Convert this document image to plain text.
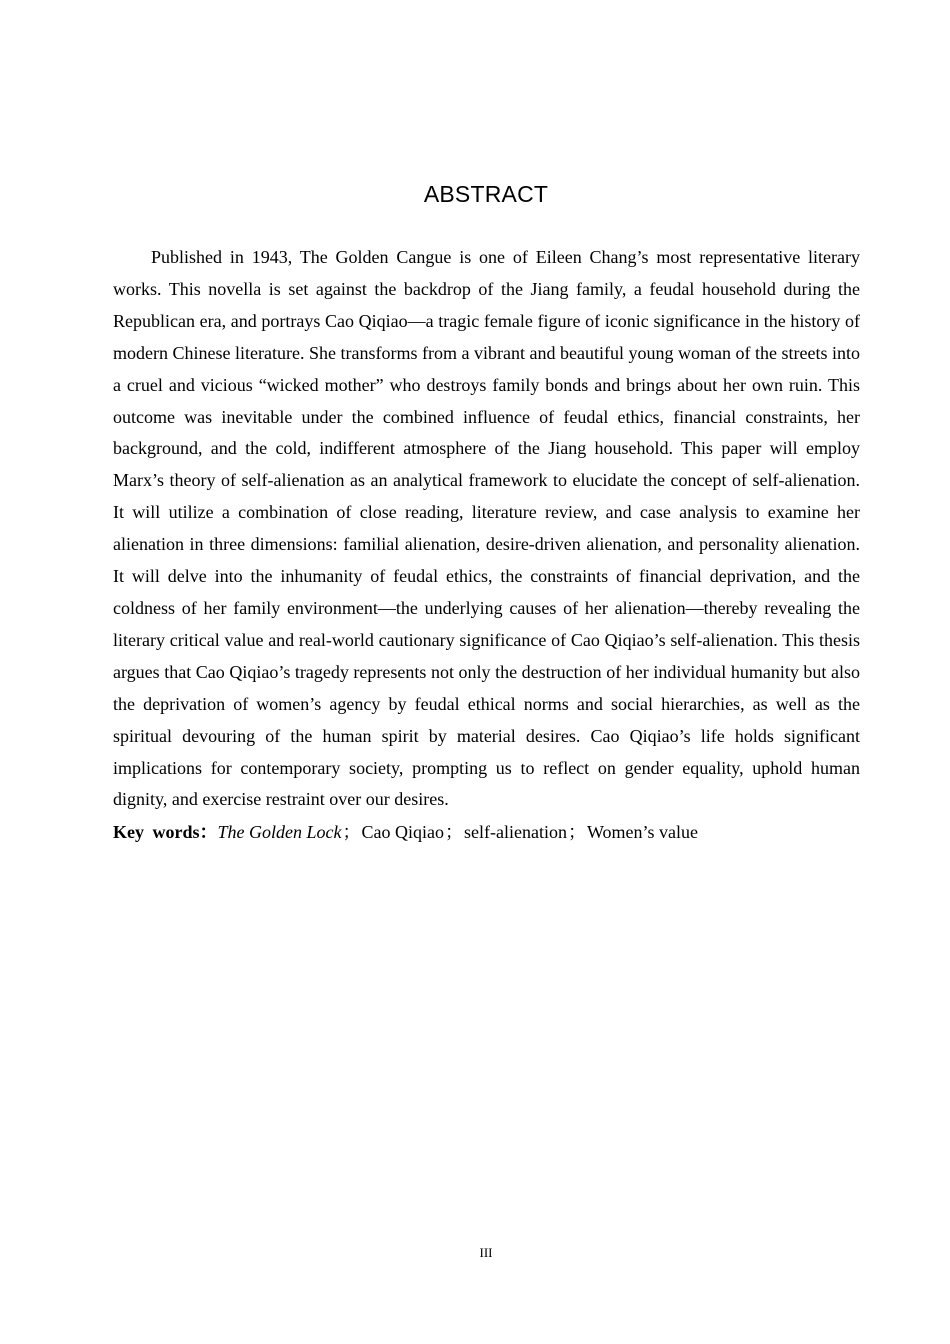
ABSTRACT

Published in 1943, The Golden Cangue is one of Eileen Chang’s most representative literary works. This novella is set against the backdrop of the Jiang family, a feudal household during the Republican era, and portrays Cao Qiqiao—a tragic female figure of iconic significance in the history of modern Chinese literature. She transforms from a vibrant and beautiful young woman of the streets into a cruel and vicious “wicked mother” who destroys family bonds and brings about her own ruin. This outcome was inevitable under the combined influence of feudal ethics, financial constraints, her background, and the cold, indifferent atmosphere of the Jiang household. This paper will employ Marx’s theory of self-alienation as an analytical framework to elucidate the concept of self-alienation. It will utilize a combination of close reading, literature review, and case analysis to examine her alienation in three dimensions: familial alienation, desire-driven alienation, and personality alienation. It will delve into the inhumanity of feudal ethics, the constraints of financial deprivation, and the coldness of her family environment—the underlying causes of her alienation—thereby revealing the literary critical value and real-world cautionary significance of Cao Qiqiao’s self-alienation. This thesis argues that Cao Qiqiao’s tragedy represents not only the destruction of her individual humanity but also the deprivation of women’s agency by feudal ethical norms and social hierarchies, as well as the spiritual devouring of the human spirit by material desires. Cao Qiqiao’s life holds significant implications for contemporary society, prompting us to reflect on gender equality, uphold human dignity, and exercise restraint over our desires.

Key words：The Golden Lock；Cao Qiqiao；self-alienation；Women’s value
III
